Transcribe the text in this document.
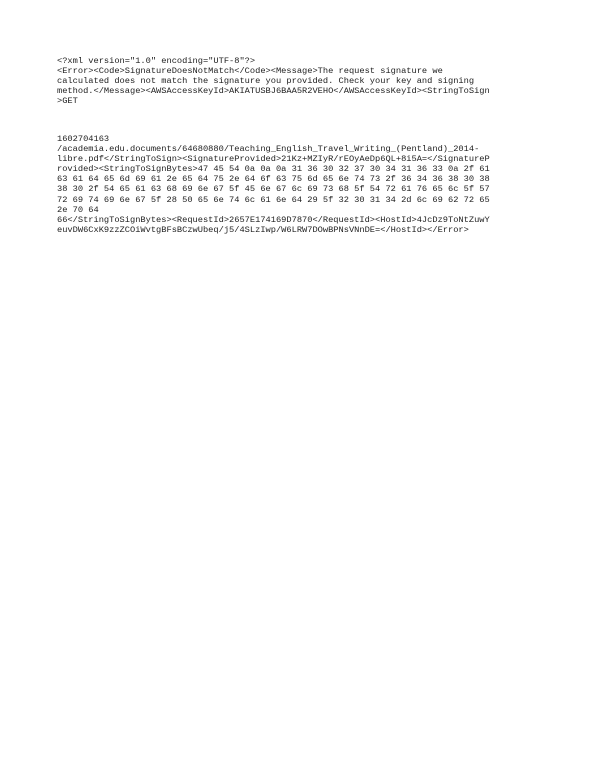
<?xml version="1.0" encoding="UTF-8"?>
<Error><Code>SignatureDoesNotMatch</Code><Message>The request signature we
calculated does not match the signature you provided. Check your key and signing
method.</Message><AWSAccessKeyId>AKIATUSBJ6BAA5R2VEHO</AWSAccessKeyId><StringToSign
>GET
1602704163
/academia.edu.documents/64680880/Teaching_English_Travel_Writing_(Pentland)_2014-
libre.pdf</StringToSign><SignatureProvided>21Kz+MZIyR/rEOyAeDp6QL+8i5A=</SignatureP
rovided><StringToSignBytes>47 45 54 0a 0a 0a 31 36 30 32 37 30 34 31 36 33 0a 2f 61
63 61 64 65 6d 69 61 2e 65 64 75 2e 64 6f 63 75 6d 65 6e 74 73 2f 36 34 36 38 30 38
38 30 2f 54 65 61 63 68 69 6e 67 5f 45 6e 67 6c 69 73 68 5f 54 72 61 76 65 6c 5f 57
72 69 74 69 6e 67 5f 28 50 65 6e 74 6c 61 6e 64 29 5f 32 30 31 34 2d 6c 69 62 72 65
2e 70 64
66</StringToSignBytes><RequestId>2657E174169D7870</RequestId><HostId>4JcDz9ToNtZuwY
euvDW6CxK9zzZCOiWvtgBFsBCzwUbeq/j5/4SLzIwp/W6LRW7DOwBPNsVNnDE=</HostId></Error>
